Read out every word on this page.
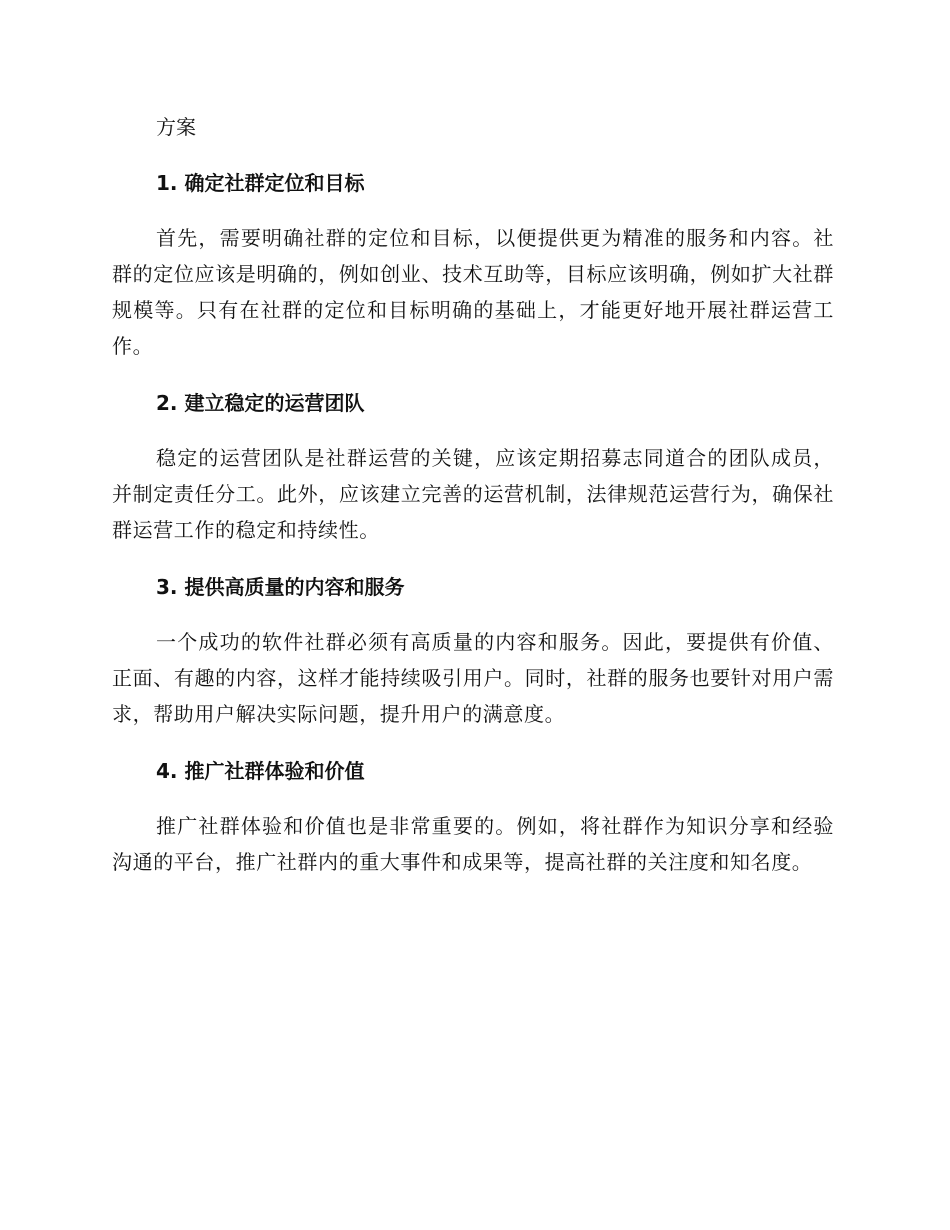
方案
1. 确定社群定位和目标

首先，需要明确社群的定位和目标，以便提供更为精准的服务和内容。社群的定位应该是明确的，例如创业、技术互助等，目标应该明确，例如扩大社群规模等。只有在社群的定位和目标明确的基础上，才能更好地开展社群运营工作。

2. 建立稳定的运营团队

稳定的运营团队是社群运营的关键，应该定期招募志同道合的团队成员，并制定责任分工。此外，应该建立完善的运营机制，法律规范运营行为，确保社群运营工作的稳定和持续性。

3. 提供高质量的内容和服务

一个成功的软件社群必须有高质量的内容和服务。因此，要提供有价值、正面、有趣的内容，这样才能持续吸引用户。同时，社群的服务也要针对用户需求，帮助用户解决实际问题，提升用户的满意度。

4. 推广社群体验和价值

推广社群体验和价值也是非常重要的。例如，将社群作为知识分享和经验沟通的平台，推广社群内的重大事件和成果等，提高社群的关注度和知名度。
